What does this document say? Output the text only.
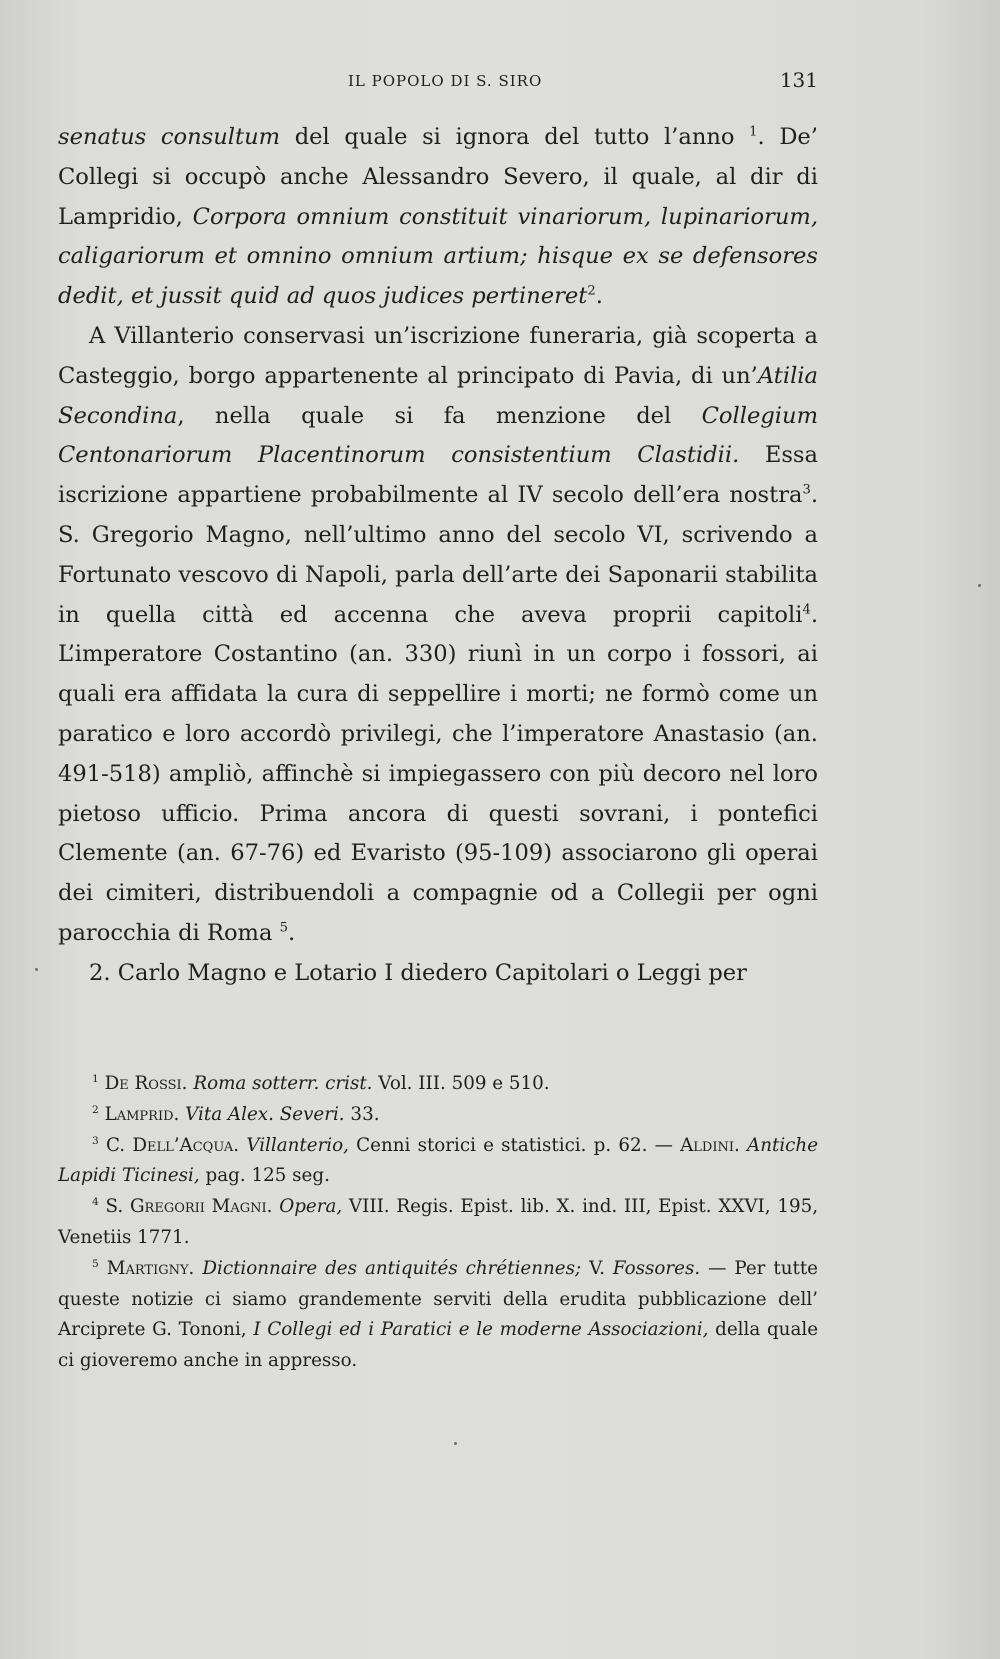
IL POPOLO DI S. SIRO	131

senatus consultum del quale si ignora del tutto l’anno $^1$. De’ Collegi si occupò anche Alessandro Severo, il quale, al dir di Lampridio, Corpora omnium constituit vinariorum, lupinariorum, caligariorum et omnino omnium artium; hisque ex se defensores dedit, et jussit quid ad quos judices pertineret$^2$.

A Villanterio conservasi un’iscrizione funeraria, già scoperta a Casteggio, borgo appartenente al principato di Pavia, di un’Atilia Secondina, nella quale si fa menzione del Collegium Centonariorum Placentinorum consistentium Clastidii. Essa iscrizione appartiene probabilmente al IV secolo dell’era nostra$^3$. S. Gregorio Magno, nell’ultimo anno del secolo VI, scrivendo a Fortunato vescovo di Napoli, parla dell’arte dei Saponarii stabilita in quella città ed accenna che aveva proprii capitoli$^4$. L’imperatore Costantino (an. 330) riunì in un corpo i fossori, ai quali era affidata la cura di seppellire i morti; ne formò come un paratico e loro accordò privilegi, che l’imperatore Anastasio (an. 491-518) ampliò, affinchè si impiegassero con più decoro nel loro pietoso ufficio. Prima ancora di questi sovrani, i pontefici Clemente (an. 67-76) ed Evaristo (95-109) associarono gli operai dei cimiteri, distribuendoli a compagnie od a Collegii per ogni parocchia di Roma $^5$.

2. Carlo Magno e Lotario I diedero Capitolari o Leggi per

$^1$ De Rossi. Roma sotterr. crist. Vol. III. 509 e 510.

$^2$ Lamprid. Vita Alex. Severi. 33.

$^3$ C. Dell’Acqua. Villanterio, Cenni storici e statistici. p. 62. — Aldini. Antiche Lapidi Ticinesi, pag. 125 seg.

$^4$ S. Gregorii Magni. Opera, VIII. Regis. Epist. lib. X. ind. III, Epist. XXVI, 195, Venetiis 1771.

$^5$ Martigny. Dictionnaire des antiquités chrétiennes; V. Fossores. — Per tutte queste notizie ci siamo grandemente serviti della erudita pubblicazione dell’ Arciprete G. Tononi, I Collegi ed i Paratici e le moderne Associazioni, della quale ci gioveremo anche in appresso.
